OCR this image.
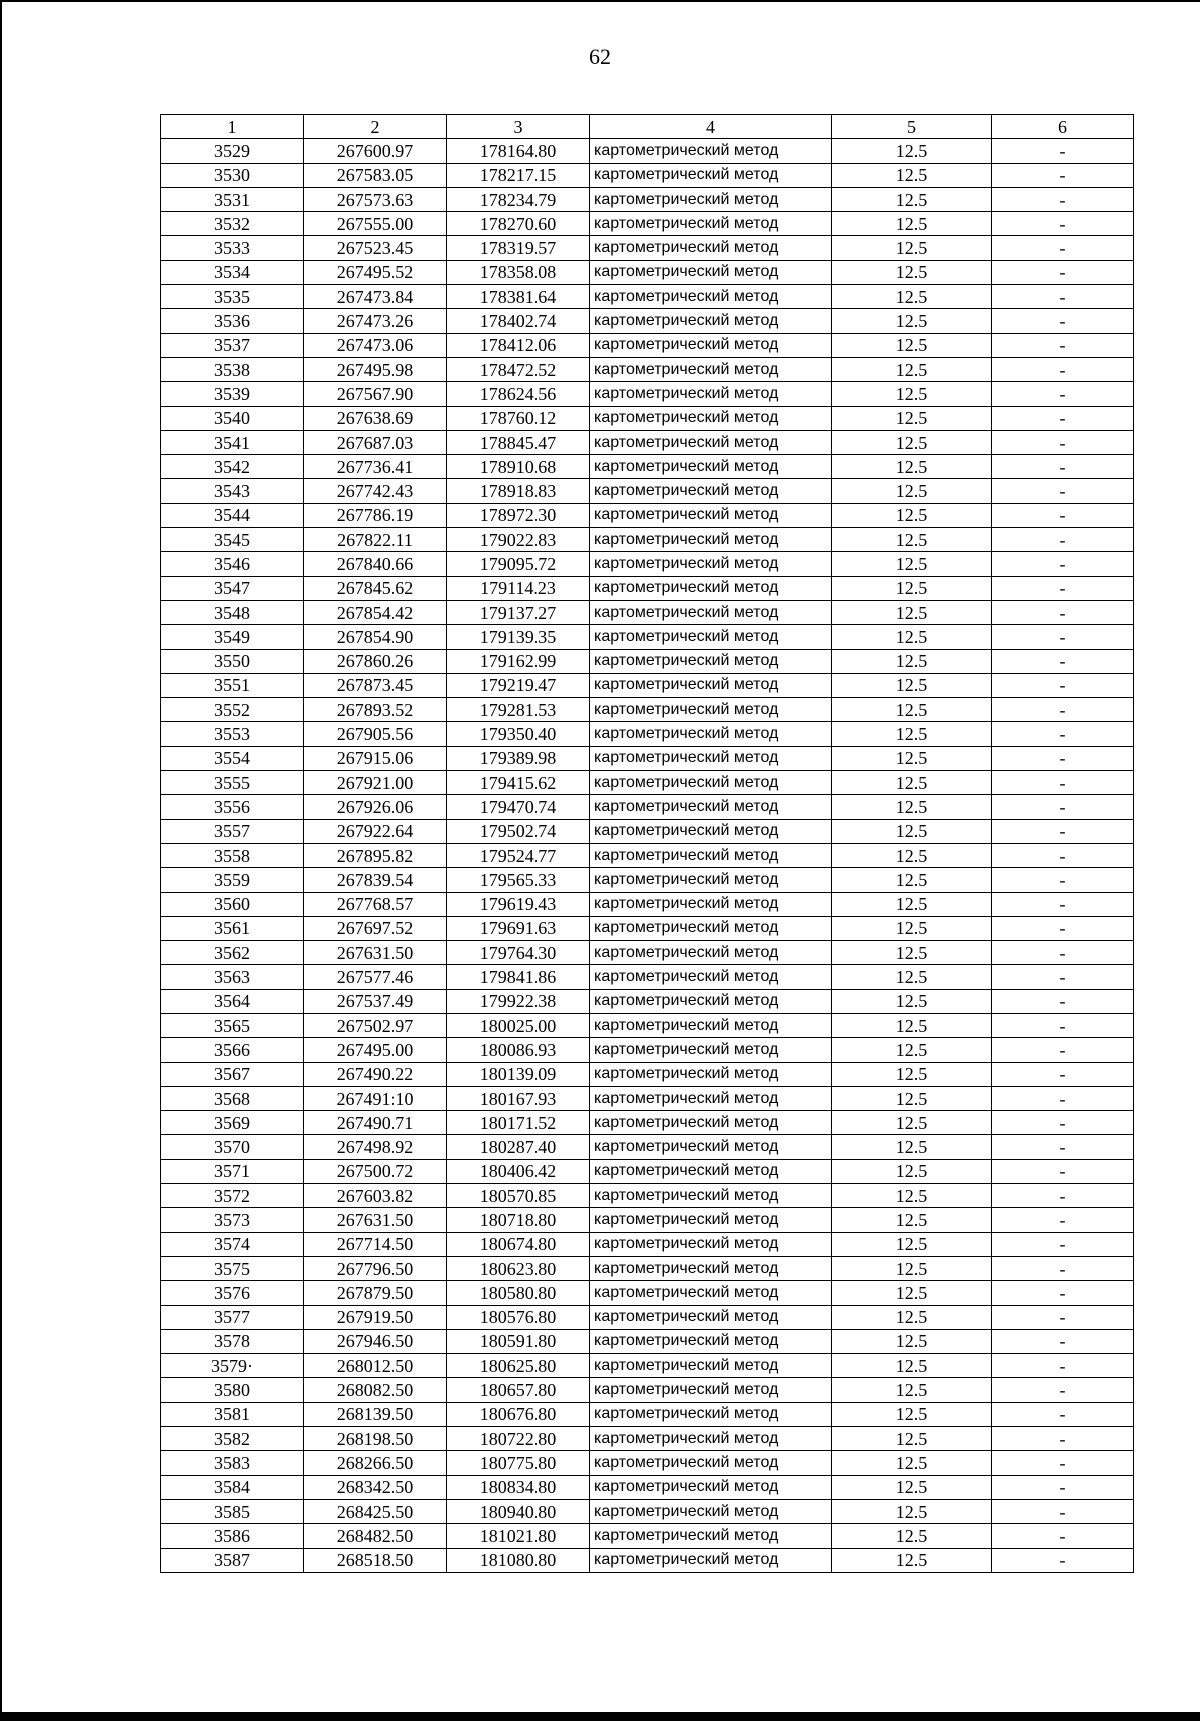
62
1	2	3	4	5	6
3529	267600.97	178164.80	картометрический метод	12.5	-
3530	267583.05	178217.15	картометрический метод	12.5	-
3531	267573.63	178234.79	картометрический метод	12.5	-
3532	267555.00	178270.60	картометрический метод	12.5	-
3533	267523.45	178319.57	картометрический метод	12.5	-
3534	267495.52	178358.08	картометрический метод	12.5	-
3535	267473.84	178381.64	картометрический метод	12.5	-
3536	267473.26	178402.74	картометрический метод	12.5	-
3537	267473.06	178412.06	картометрический метод	12.5	-
3538	267495.98	178472.52	картометрический метод	12.5	-
3539	267567.90	178624.56	картометрический метод	12.5	-
3540	267638.69	178760.12	картометрический метод	12.5	-
3541	267687.03	178845.47	картометрический метод	12.5	-
3542	267736.41	178910.68	картометрический метод	12.5	-
3543	267742.43	178918.83	картометрический метод	12.5	-
3544	267786.19	178972.30	картометрический метод	12.5	-
3545	267822.11	179022.83	картометрический метод	12.5	-
3546	267840.66	179095.72	картометрический метод	12.5	-
3547	267845.62	179114.23	картометрический метод	12.5	-
3548	267854.42	179137.27	картометрический метод	12.5	-
3549	267854.90	179139.35	картометрический метод	12.5	-
3550	267860.26	179162.99	картометрический метод	12.5	-
3551	267873.45	179219.47	картометрический метод	12.5	-
3552	267893.52	179281.53	картометрический метод	12.5	-
3553	267905.56	179350.40	картометрический метод	12.5	-
3554	267915.06	179389.98	картометрический метод	12.5	-
3555	267921.00	179415.62	картометрический метод	12.5	-
3556	267926.06	179470.74	картометрический метод	12.5	-
3557	267922.64	179502.74	картометрический метод	12.5	-
3558	267895.82	179524.77	картометрический метод	12.5	-
3559	267839.54	179565.33	картометрический метод	12.5	-
3560	267768.57	179619.43	картометрический метод	12.5	-
3561	267697.52	179691.63	картометрический метод	12.5	-
3562	267631.50	179764.30	картометрический метод	12.5	-
3563	267577.46	179841.86	картометрический метод	12.5	-
3564	267537.49	179922.38	картометрический метод	12.5	-
3565	267502.97	180025.00	картометрический метод	12.5	-
3566	267495.00	180086.93	картометрический метод	12.5	-
3567	267490.22	180139.09	картометрический метод	12.5	-
3568	267491:10	180167.93	картометрический метод	12.5	-
3569	267490.71	180171.52	картометрический метод	12.5	-
3570	267498.92	180287.40	картометрический метод	12.5	-
3571	267500.72	180406.42	картометрический метод	12.5	-
3572	267603.82	180570.85	картометрический метод	12.5	-
3573	267631.50	180718.80	картометрический метод	12.5	-
3574	267714.50	180674.80	картометрический метод	12.5	-
3575	267796.50	180623.80	картометрический метод	12.5	-
3576	267879.50	180580.80	картометрический метод	12.5	-
3577	267919.50	180576.80	картометрический метод	12.5	-
3578	267946.50	180591.80	картометрический метод	12.5	-
3579·	268012.50	180625.80	картометрический метод	12.5	-
3580	268082.50	180657.80	картометрический метод	12.5	-
3581	268139.50	180676.80	картометрический метод	12.5	-
3582	268198.50	180722.80	картометрический метод	12.5	-
3583	268266.50	180775.80	картометрический метод	12.5	-
3584	268342.50	180834.80	картометрический метод	12.5	-
3585	268425.50	180940.80	картометрический метод	12.5	-
3586	268482.50	181021.80	картометрический метод	12.5	-
3587	268518.50	181080.80	картометрический метод	12.5	-
